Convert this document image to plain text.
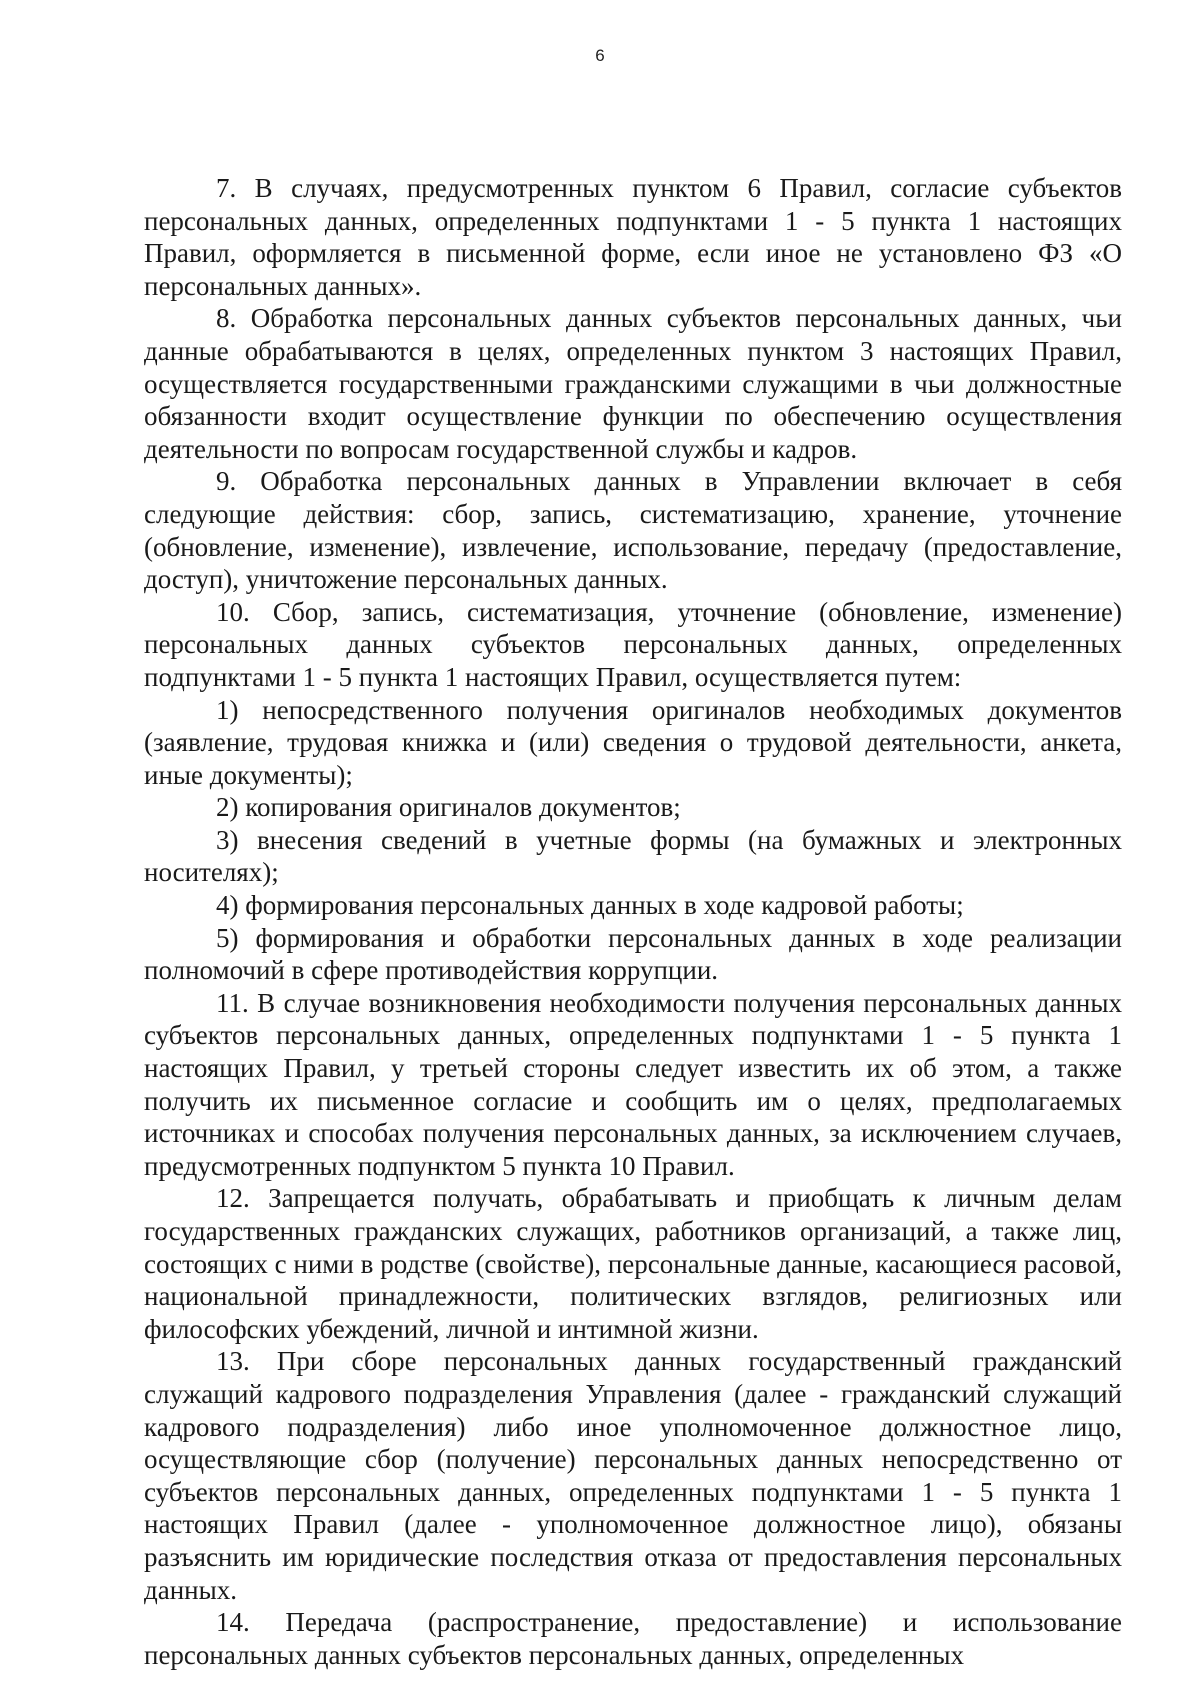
6

7. В случаях, предусмотренных пунктом 6 Правил, согласие субъектов персональных данных, определенных подпунктами 1 - 5 пункта 1 настоящих Правил, оформляется в письменной форме, если иное не установлено ФЗ «О персональных данных».

8. Обработка персональных данных субъектов персональных данных, чьи данные обрабатываются в целях, определенных пунктом 3 настоящих Правил, осуществляется государственными гражданскими служащими в чьи должностные обязанности входит осуществление функции по обеспечению осуществления деятельности по вопросам государственной службы и кадров.

9. Обработка персональных данных в Управлении включает в себя следующие действия: сбор, запись, систематизацию, хранение, уточнение (обновление, изменение), извлечение, использование, передачу (предоставление, доступ), уничтожение персональных данных.

10. Сбор, запись, систематизация, уточнение (обновление, изменение) персональных данных субъектов персональных данных, определенных подпунктами 1 - 5 пункта 1 настоящих Правил, осуществляется путем:

1) непосредственного получения оригиналов необходимых документов (заявление, трудовая книжка и (или) сведения о трудовой деятельности, анкета, иные документы);

2) копирования оригиналов документов;

3) внесения сведений в учетные формы (на бумажных и электронных носителях);

4) формирования персональных данных в ходе кадровой работы;

5) формирования и обработки персональных данных в ходе реализации полномочий в сфере противодействия коррупции.

11. В случае возникновения необходимости получения персональных данных субъектов персональных данных, определенных подпунктами 1 - 5 пункта 1 настоящих Правил, у третьей стороны следует известить их об этом, а также получить их письменное согласие и сообщить им о целях, предполагаемых источниках и способах получения персональных данных, за исключением случаев, предусмотренных подпунктом 5 пункта 10 Правил.

12. Запрещается получать, обрабатывать и приобщать к личным делам государственных гражданских служащих, работников организаций, а также лиц, состоящих с ними в родстве (свойстве), персональные данные, касающиеся расовой, национальной принадлежности, политических взглядов, религиозных или философских убеждений, личной и интимной жизни.

13. При сборе персональных данных государственный гражданский служащий кадрового подразделения Управления (далее - гражданский служащий кадрового подразделения) либо иное уполномоченное должностное лицо, осуществляющие сбор (получение) персональных данных непосредственно от субъектов персональных данных, определенных подпунктами 1 - 5 пункта 1 настоящих Правил (далее - уполномоченное должностное лицо), обязаны разъяснить им юридические последствия отказа от предоставления персональных данных.

14. Передача (распространение, предоставление) и использование персональных данных субъектов персональных данных, определенных
